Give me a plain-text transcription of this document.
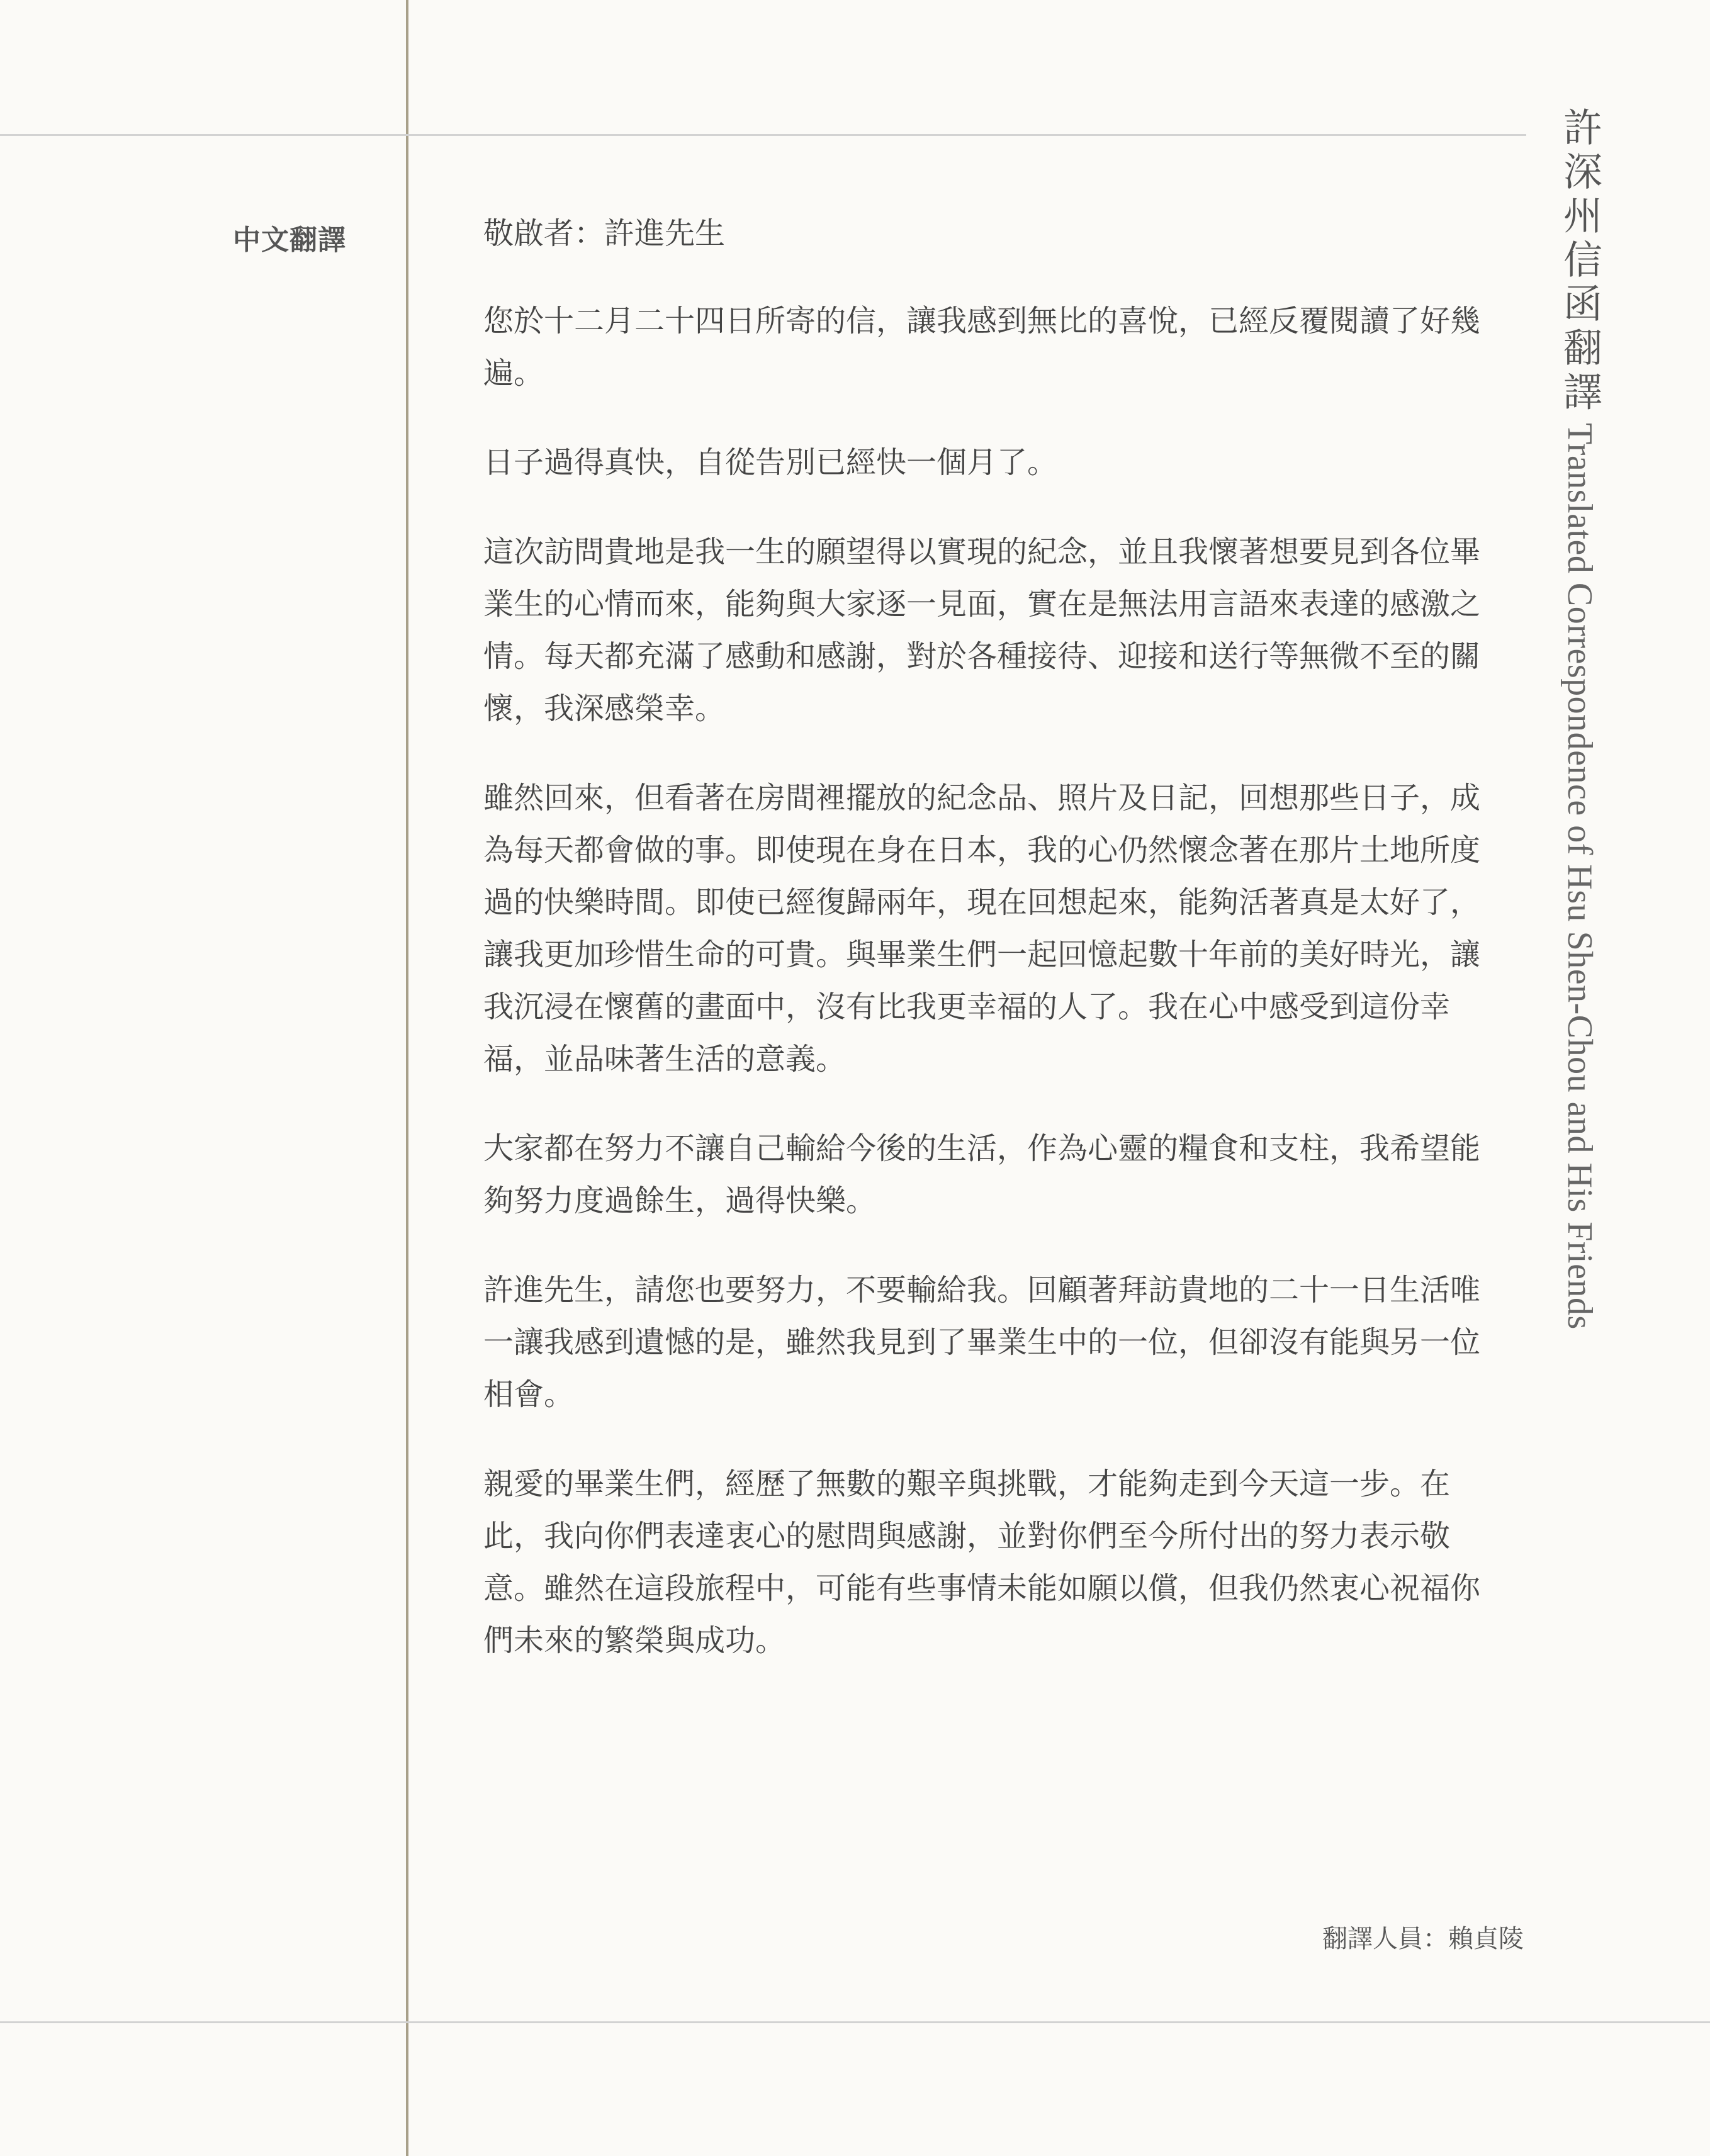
中文翻譯	敬啟者：許進先生

您於十二月二十四日所寄的信，讓我感到無比的喜悅，已經反覆閱讀了好幾遍。

日子過得真快，自從告別已經快一個月了。

這次訪問貴地是我一生的願望得以實現的紀念，並且我懷著想要見到各位畢業生的心情而來，能夠與大家逐一見面，實在是無法用言語來表達的感激之情。每天都充滿了感動和感謝，對於各種接待、迎接和送行等無微不至的關懷，我深感榮幸。

雖然回來，但看著在房間裡擺放的紀念品、照片及日記，回想那些日子，成為每天都會做的事。即使現在身在日本，我的心仍然懷念著在那片土地所度過的快樂時間。即使已經復歸兩年，現在回想起來，能夠活著真是太好了，讓我更加珍惜生命的可貴。與畢業生們一起回憶起數十年前的美好時光，讓我沉浸在懷舊的畫面中，沒有比我更幸福的人了。我在心中感受到這份幸福，並品味著生活的意義。

大家都在努力不讓自己輸給今後的生活，作為心靈的糧食和支柱，我希望能夠努力度過餘生，過得快樂。

許進先生，請您也要努力，不要輸給我。回顧著拜訪貴地的二十一日生活唯一讓我感到遺憾的是，雖然我見到了畢業生中的一位，但卻沒有能與另一位相會。

親愛的畢業生們，經歷了無數的艱辛與挑戰，才能夠走到今天這一步。在此，我向你們表達衷心的慰問與感謝，並對你們至今所付出的努力表示敬意。雖然在這段旅程中，可能有些事情未能如願以償，但我仍然衷心祝福你們未來的繁榮與成功。

翻譯人員：賴貞陵
許深州信函翻譯
Translated Correspondence of Hsu Shen-Chou and His Friends
